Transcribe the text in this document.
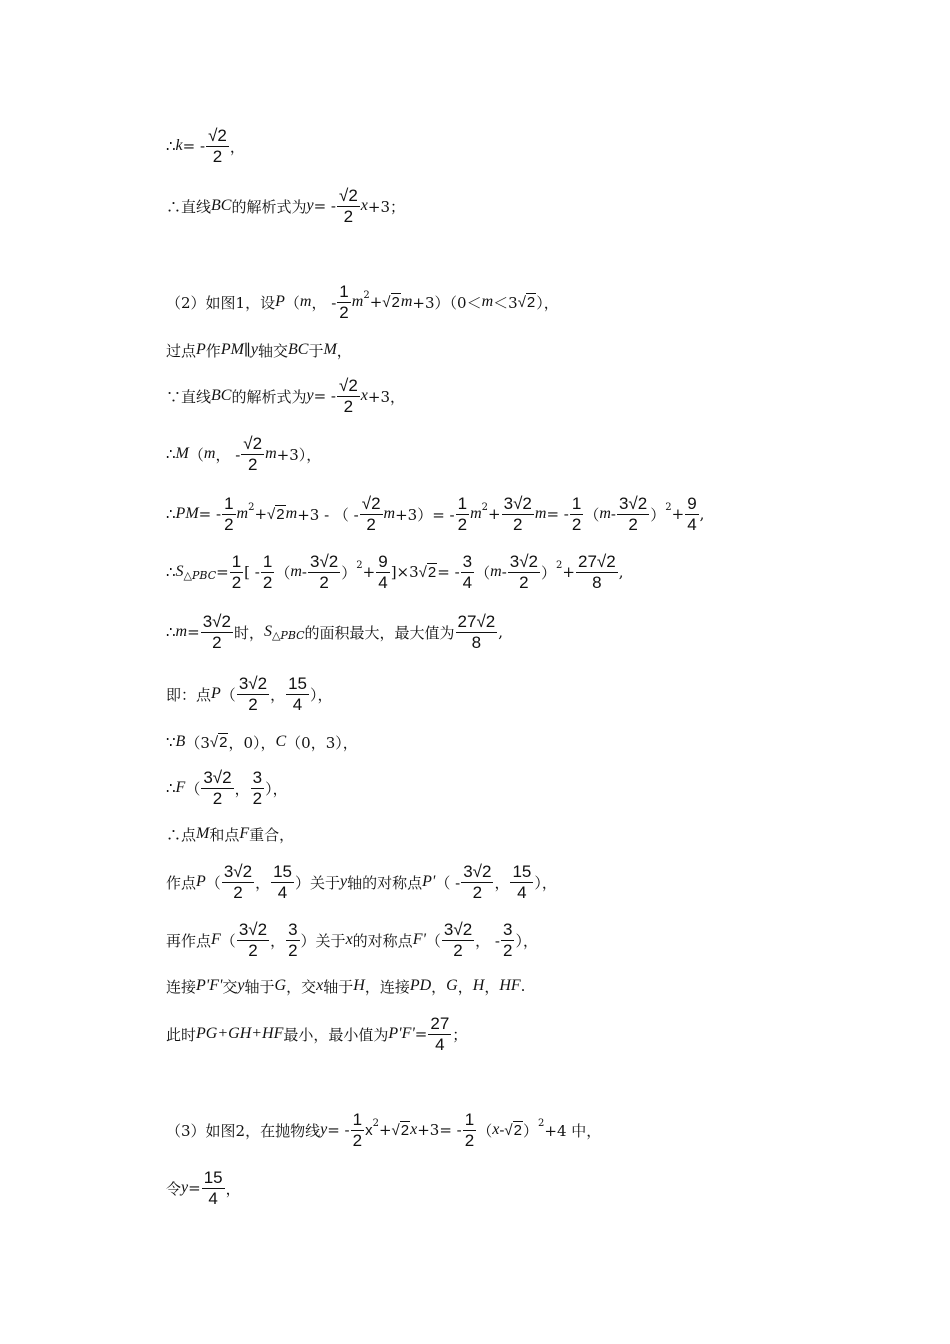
∴ k = - $\frac{√2}{2}$ ，
∴直线 BC 的解析式为 y = - $\frac{√2}{2}$ x +3；
（2）如图1，设 P （ m ， - $\frac{1}{2}$ m 2 + √ 2 m +3）（0＜ m ＜3 √ 2 ），
过点 P 作 PM ∥ y 轴交 BC 于 M ，
∵直线 BC 的解析式为 y = - $\frac{√2}{2}$ x +3，
∴ M （ m ， - $\frac{√2}{2}$ m +3），
∴ PM = - $\frac{1}{2}$ m 2 + √ 2 m +3 - （ - $\frac{√2}{2}$ $m +3)= - \frac{1}{2}$ m $2 + \frac{3√2}{2}$ m = - $\frac{1}{2}$ （ m - $\frac{3√2}{2}$ ） $2 + \frac{9}{4}$ ,
∴ S △PBC = $\frac{1}{2}$ [ - $\frac{1}{2}$ （ m - $\frac{3√2}{2}$ ） $2 + \frac{9}{4} ]\times 3$ √ 2 = - $\frac{3}{4}$ （ m - $\frac{3√2}{2}$ ） $2 + \frac{27√2}{8}$ ,
∴ $m = \frac{3√2}{2}$ 时， S △PBC 的面积最大，最大值为 $\frac{27√2}{8}$ ,
即：点 P （ $\frac{3√2}{2}$ ， $\frac{15}{4}$ ），
∵ B （3 √ 2 ，0）， C （0，3），
∴ F （ $\frac{3√2}{2}$ ， $\frac{3}{2}$ ），
∴点 M 和点 F 重合，
作点 P （ $\frac{3√2}{2}$ ， $\frac{15}{4}$ ）关于 y 轴的对称点 P' （ - $\frac{3√2}{2}$ ， $\frac{15}{4}$ ），
再作点 F （ $\frac{3√2}{2}$ ， $\frac{3}{2}$ ）关于 x 的对称点 F' （ $\frac{3√2}{2}$ ， - $\frac{3}{2}$ ），
连接 P'F' 交 y 轴于 G ，交 x 轴于 H ，连接 PD ， G ， H ， HF .
此时 PG+GH+HF 最小，最小值为 $P'F' = \frac{27}{4}$ ；
（3）如图2，在抛物线 y = - $\frac{1}{2}$ x 2 + √ 2 $x +3= - \frac{1}{2}$ （ x - √ 2 ） 2 +4 中，
令 $y = \frac{15}{4}$ ，
